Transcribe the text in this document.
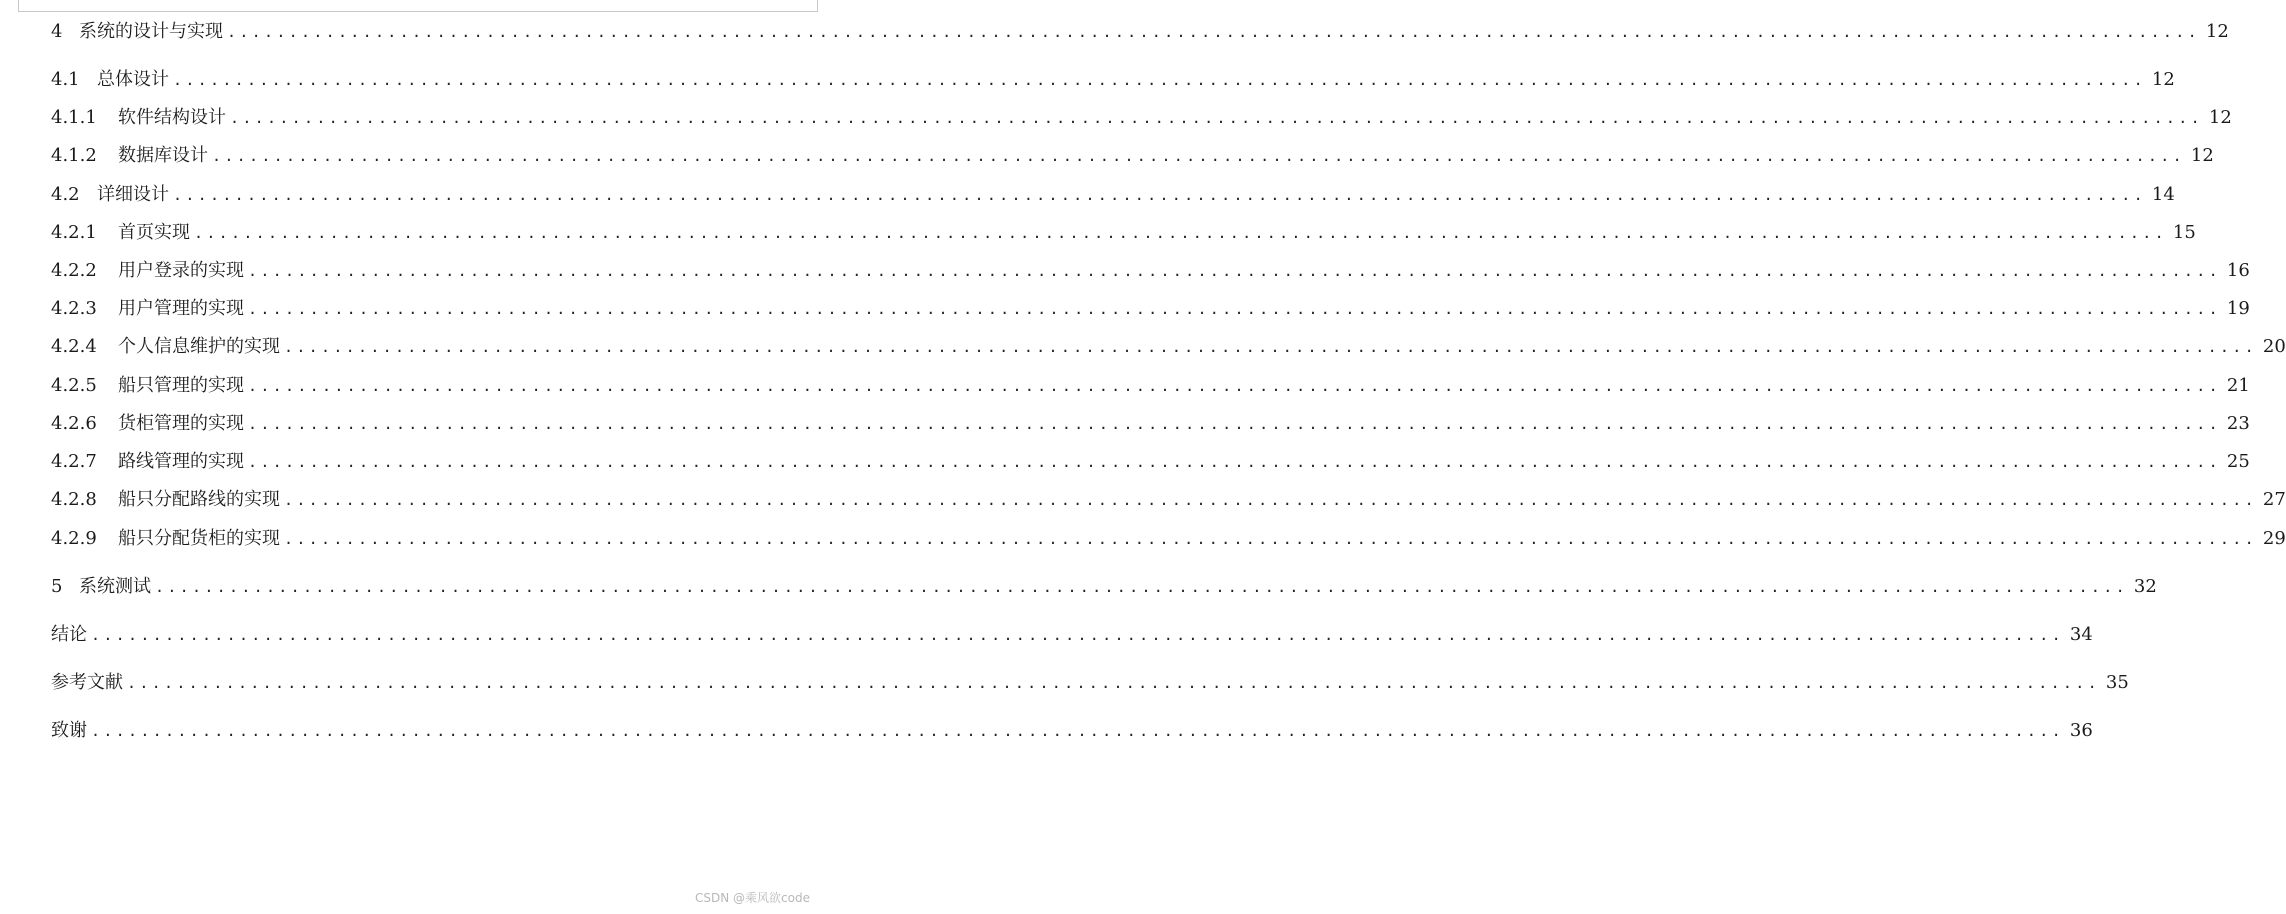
4 系统的设计与实现 ................................................................................................................................................................ 12
4.1 总体设计 ................................................................................................................................................................ 12
4.1.1	软件结构设计 ................................................................................................................................................................ 12
4.1.2	数据库设计 ................................................................................................................................................................ 12
4.2 详细设计 ................................................................................................................................................................ 14
4.2.1	首页实现 ................................................................................................................................................................ 15
4.2.2	用户登录的实现 ................................................................................................................................................................ 16
4.2.3	用户管理的实现 ................................................................................................................................................................ 19
4.2.4	个人信息维护的实现 ................................................................................................................................................................ 20
4.2.5	船只管理的实现 ................................................................................................................................................................ 21
4.2.6	货柜管理的实现 ................................................................................................................................................................ 23
4.2.7	路线管理的实现 ................................................................................................................................................................ 25
4.2.8	船只分配路线的实现 ................................................................................................................................................................ 27
4.2.9	船只分配货柜的实现 ................................................................................................................................................................ 29
5 系统测试 ................................................................................................................................................................ 32
结论 ................................................................................................................................................................ 34
参考文献 ................................................................................................................................................................ 35
致谢 ................................................................................................................................................................ 36
CSDN @乘风欲code
